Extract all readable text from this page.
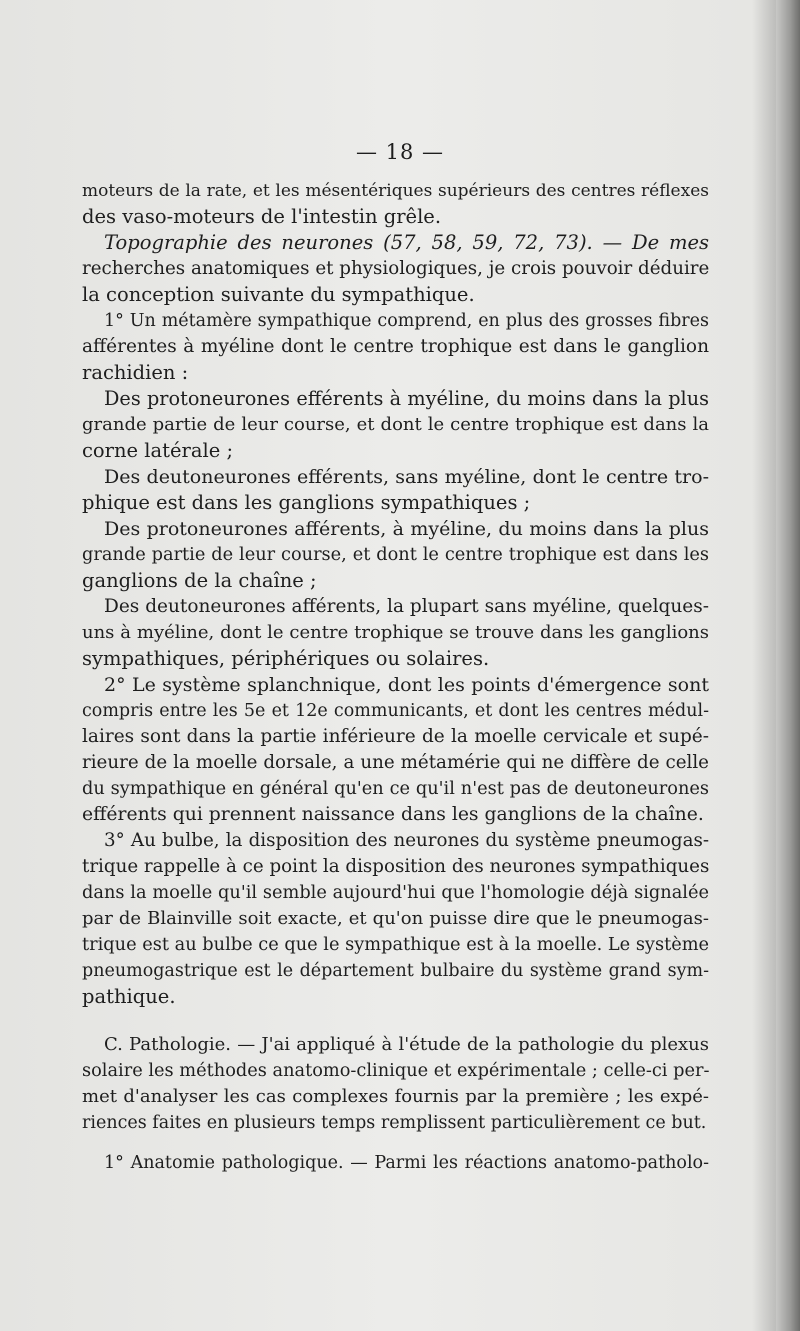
— 18 —
moteurs de la rate, et les mésentériques supérieurs des centres réflexes
des vaso-moteurs de l'intestin grêle.
Topographie des neurones (57, 58, 59, 72, 73). — De mes
recherches anatomiques et physiologiques, je crois pouvoir déduire
la conception suivante du sympathique.
1° Un métamère sympathique comprend, en plus des grosses fibres
afférentes à myéline dont le centre trophique est dans le ganglion
rachidien :
Des protoneurones efférents à myéline, du moins dans la plus
grande partie de leur course, et dont le centre trophique est dans la
corne latérale ;
Des deutoneurones efférents, sans myéline, dont le centre tro-
phique est dans les ganglions sympathiques ;
Des protoneurones afférents, à myéline, du moins dans la plus
grande partie de leur course, et dont le centre trophique est dans les
ganglions de la chaîne ;
Des deutoneurones afférents, la plupart sans myéline, quelques-
uns à myéline, dont le centre trophique se trouve dans les ganglions
sympathiques, périphériques ou solaires.
2° Le système splanchnique, dont les points d'émergence sont
compris entre les 5e et 12e communicants, et dont les centres médul-
laires sont dans la partie inférieure de la moelle cervicale et supé-
rieure de la moelle dorsale, a une métamérie qui ne diffère de celle
du sympathique en général qu'en ce qu'il n'est pas de deutoneurones
efférents qui prennent naissance dans les ganglions de la chaîne.
3° Au bulbe, la disposition des neurones du système pneumogas-
trique rappelle à ce point la disposition des neurones sympathiques
dans la moelle qu'il semble aujourd'hui que l'homologie déjà signalée
par de Blainville soit exacte, et qu'on puisse dire que le pneumogas-
trique est au bulbe ce que le sympathique est à la moelle. Le système
pneumogastrique est le département bulbaire du système grand sym-
pathique.
C. Pathologie. — J'ai appliqué à l'étude de la pathologie du plexus
solaire les méthodes anatomo-clinique et expérimentale ; celle-ci per-
met d'analyser les cas complexes fournis par la première ; les expé-
riences faites en plusieurs temps remplissent particulièrement ce but.
1° Anatomie pathologique. — Parmi les réactions anatomo-patholo-
